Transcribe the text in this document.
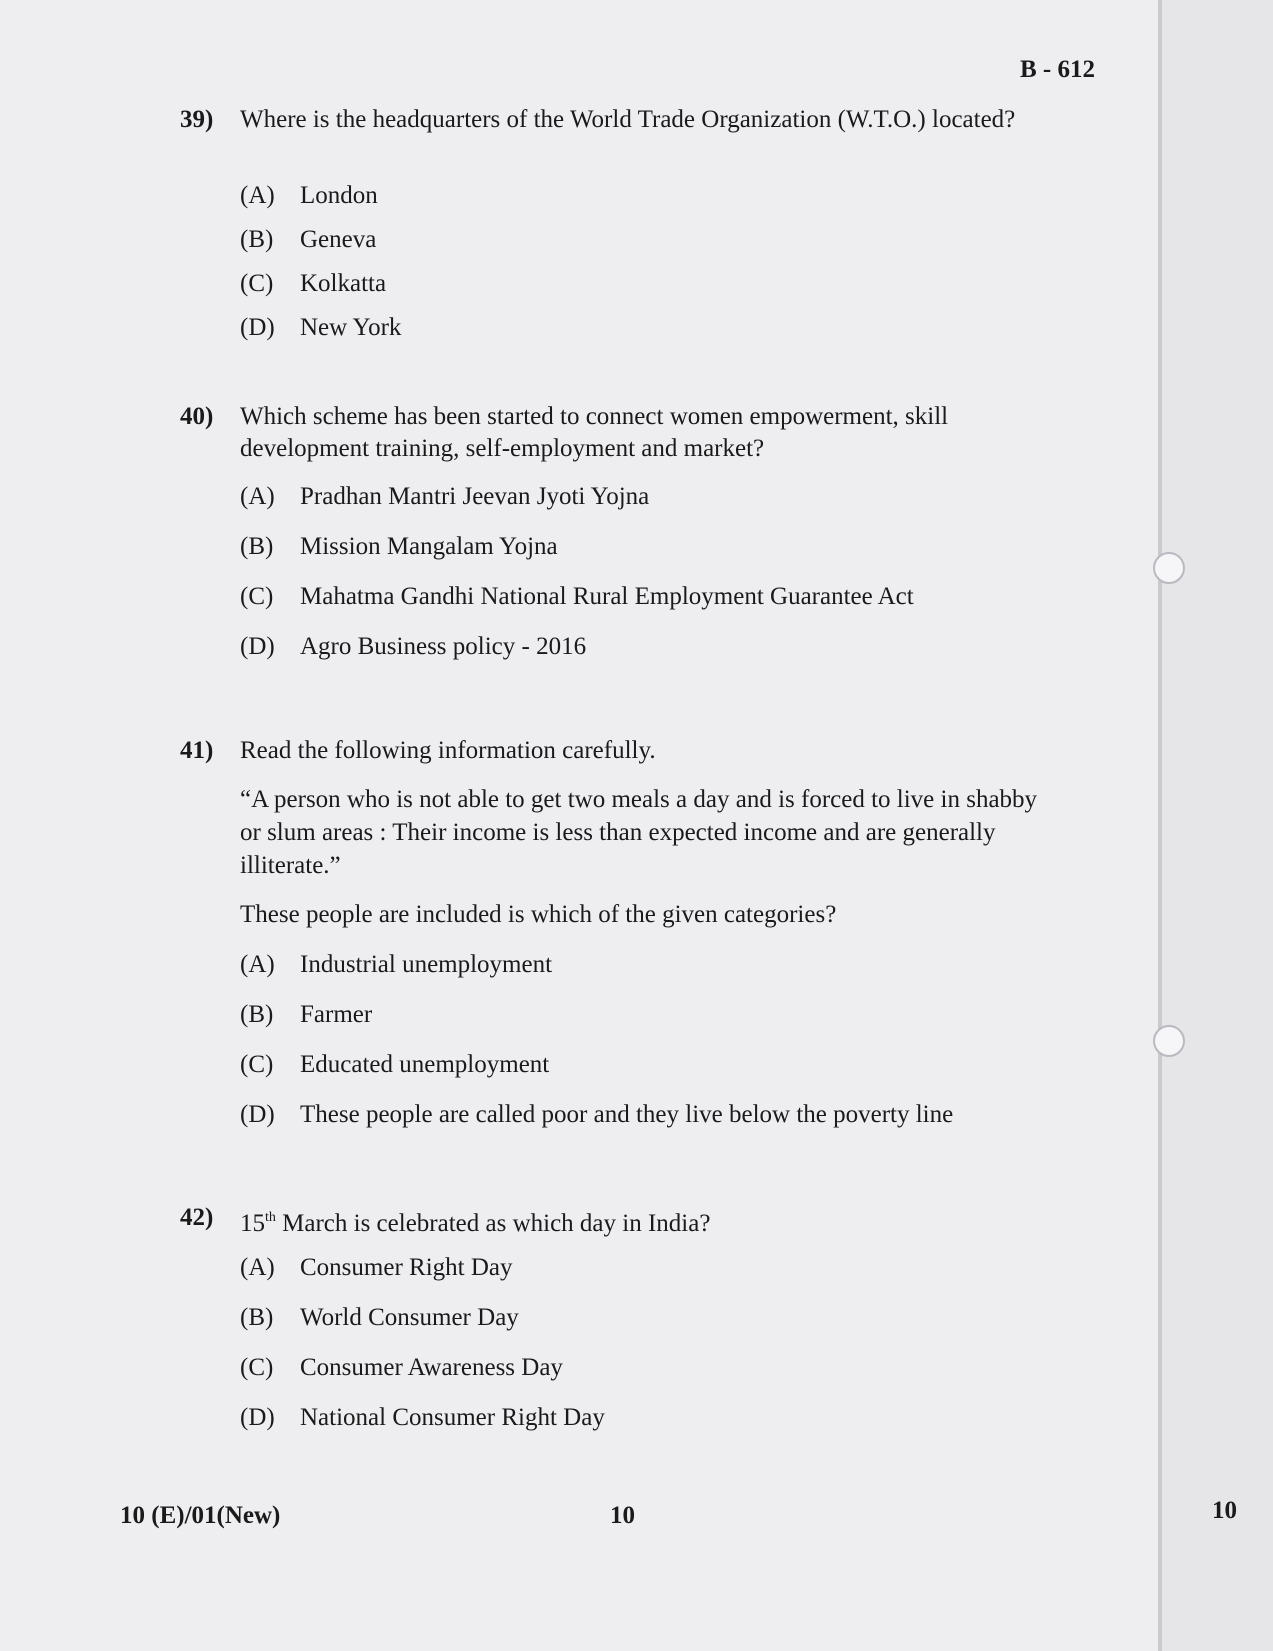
B - 612
39) Where is the headquarters of the World Trade Organization (W.T.O.) located?
(A) London
(B) Geneva
(C) Kolkatta
(D) New York
40) Which scheme has been started to connect women empowerment, skill development training, self-employment and market?
(A) Pradhan Mantri Jeevan Jyoti Yojna
(B) Mission Mangalam Yojna
(C) Mahatma Gandhi National Rural Employment Guarantee Act
(D) Agro Business policy - 2016
41) Read the following information carefully.
“A person who is not able to get two meals a day and is forced to live in shabby or slum areas : Their income is less than expected income and are generally illiterate.”
These people are included is which of the given categories?
(A) Industrial unemployment
(B) Farmer
(C) Educated unemployment
(D) These people are called poor and they live below the poverty line
42) 15th March is celebrated as which day in India?
(A) Consumer Right Day
(B) World Consumer Day
(C) Consumer Awareness Day
(D) National Consumer Right Day
10 (E)/01(New)	10	10
